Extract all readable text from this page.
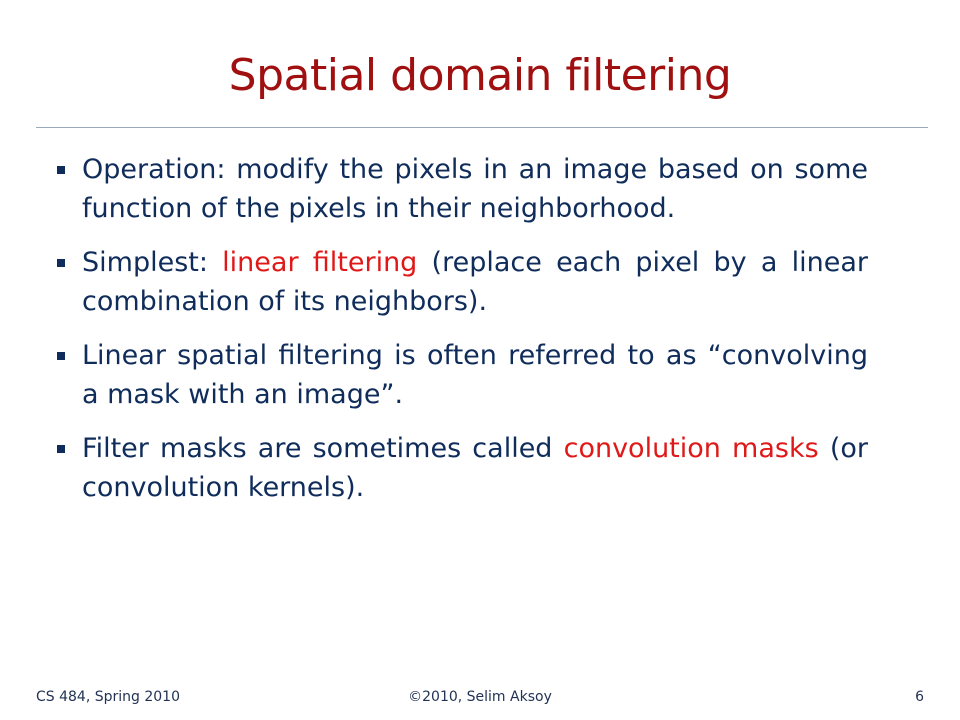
Spatial domain filtering
Operation: modify the pixels in an image based on some function of the pixels in their neighborhood.
Simplest: linear filtering (replace each pixel by a linear combination of its neighbors).
Linear spatial filtering is often referred to as “convolving a mask with an image”.
Filter masks are sometimes called convolution masks (or convolution kernels).
CS 484, Spring 2010	©2010, Selim Aksoy	6
